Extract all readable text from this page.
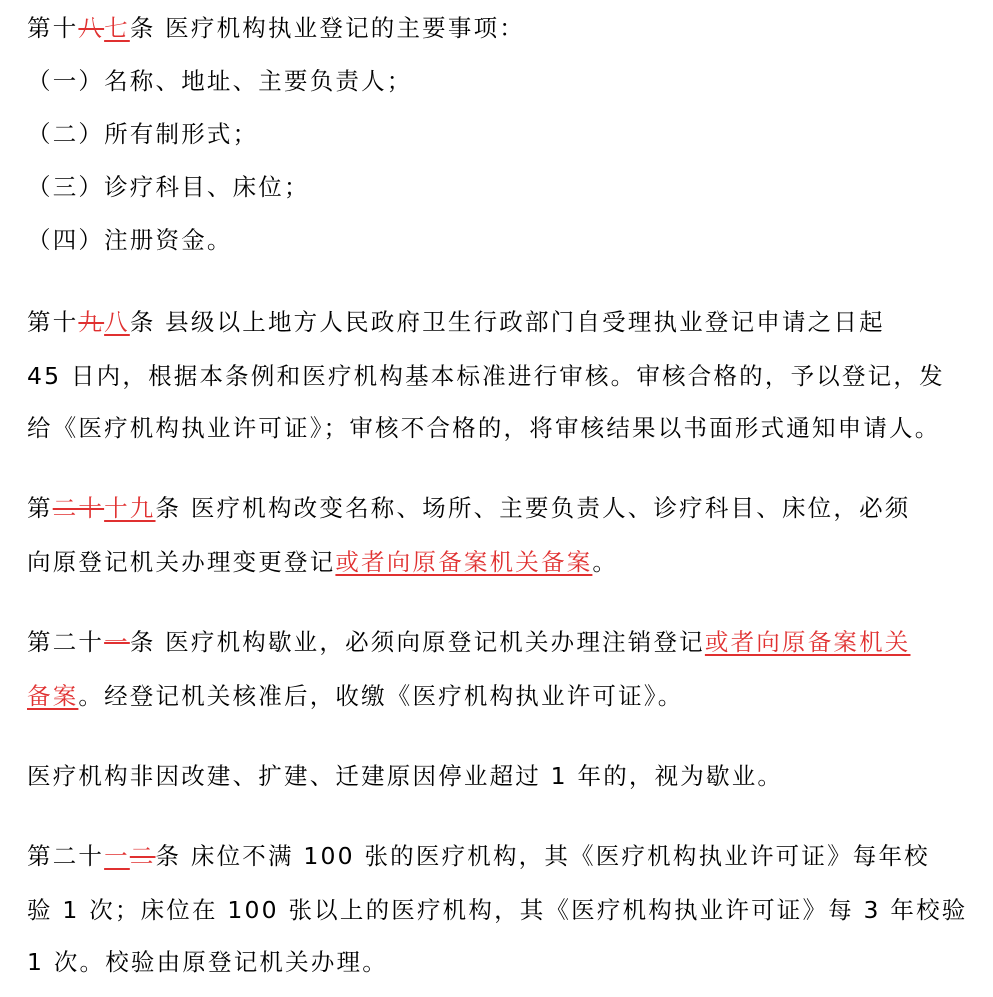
第十八七条 医疗机构执业登记的主要事项：
（一）名称、地址、主要负责人；
（二）所有制形式；
（三）诊疗科目、床位；
（四）注册资金。
第十九八条 县级以上地方人民政府卫生行政部门自受理执业登记申请之日起
45 日内，根据本条例和医疗机构基本标准进行审核。审核合格的，予以登记，发
给《医疗机构执业许可证》；审核不合格的，将审核结果以书面形式通知申请人。
第二十十九条 医疗机构改变名称、场所、主要负责人、诊疗科目、床位，必须
向原登记机关办理变更登记或者向原备案机关备案。
第二十一条 医疗机构歇业，必须向原登记机关办理注销登记或者向原备案机关
备案。经登记机关核准后，收缴《医疗机构执业许可证》。
医疗机构非因改建、扩建、迁建原因停业超过 1 年的，视为歇业。
第二十一二条 床位不满 100 张的医疗机构，其《医疗机构执业许可证》每年校
验 1 次；床位在 100 张以上的医疗机构，其《医疗机构执业许可证》每 3 年校验
1 次。校验由原登记机关办理。
